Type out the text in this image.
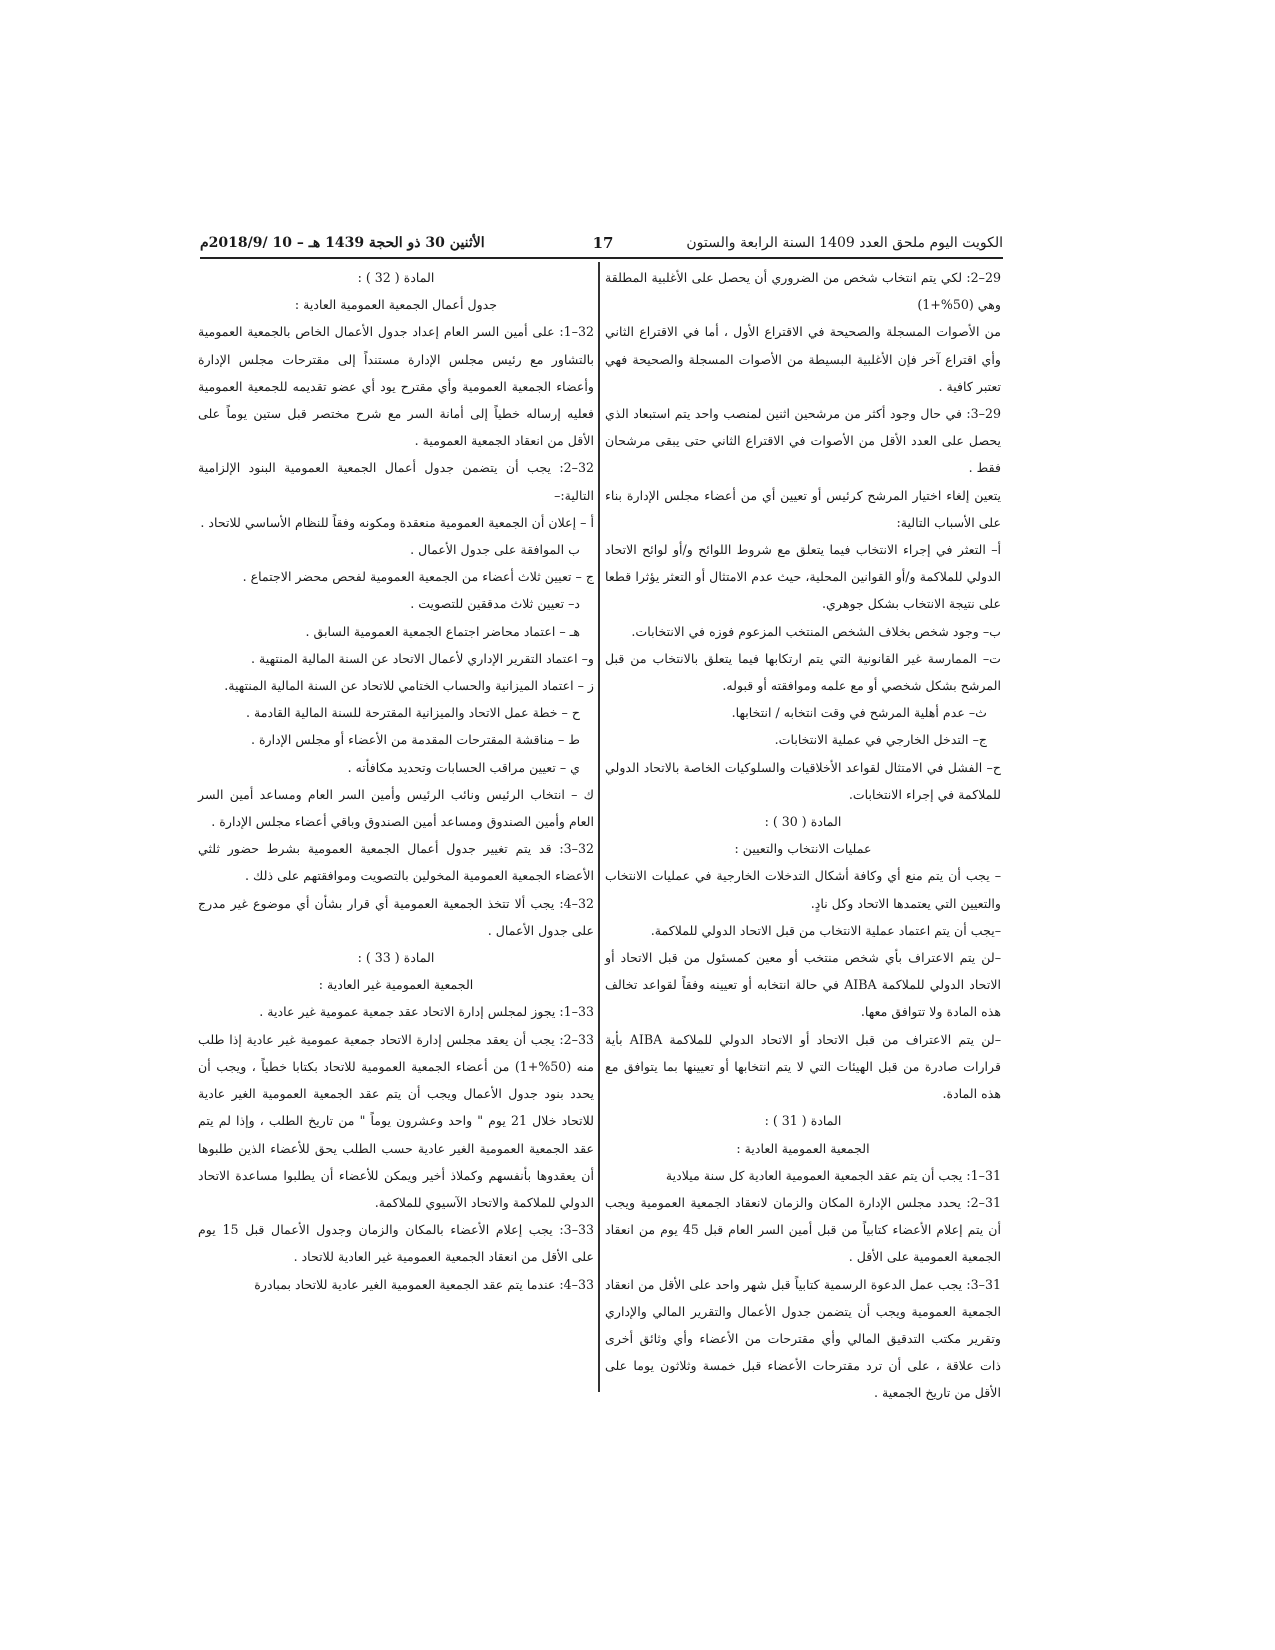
الأثنين 30 ذو الحجة 1439 هـ – 10 /2018/9م	17	الكويت اليوم ملحق العدد 1409 السنة الرابعة والستون

29–2: لكي يتم انتخاب شخص من الضروري أن يحصل على الأغلبية المطلقة وهي (50%+1)

من الأصوات المسجلة والصحيحة في الاقتراع الأول ، أما في الاقتراع الثاني وأي اقتراع آخر فإن الأغلبية البسيطة من الأصوات المسجلة والصحيحة فهي تعتبر كافية .

29–3: في حال وجود أكثر من مرشحين اثنين لمنصب واحد يتم استبعاد الذي يحصل على العدد الأقل من الأصوات في الاقتراع الثاني حتى يبقى مرشحان فقط .

يتعين إلغاء اختيار المرشح كرئيس أو تعيين أي من أعضاء مجلس الإدارة بناء على الأسباب التالية:

أ– التعثر في إجراء الانتخاب فيما يتعلق مع شروط اللوائح و/أو لوائح الاتحاد الدولي للملاكمة و/أو القوانين المحلية، حيث عدم الامتثال أو التعثر يؤثرا قطعا على نتيجة الانتخاب بشكل جوهري.

ب– وجود شخص بخلاف الشخص المنتخب المزعوم فوزه في الانتخابات.

ت– الممارسة غير القانونية التي يتم ارتكابها فيما يتعلق بالانتخاب من قبل المرشح بشكل شخصي أو مع علمه وموافقته أو قبوله.

ث– عدم أهلية المرشح في وقت انتخابه / انتخابها.

ج– التدخل الخارجي في عملية الانتخابات.

ح– الفشل في الامتثال لقواعد الأخلاقيات والسلوكيات الخاصة بالاتحاد الدولي للملاكمة في إجراء الانتخابات.

المادة ( 30 ) :

عمليات الانتخاب والتعيين :

– يجب أن يتم منع أي وكافة أشكال التدخلات الخارجية في عمليات الانتخاب والتعيين التي يعتمدها الاتحاد وكل نادٍ.

–يجب أن يتم اعتماد عملية الانتخاب من قبل الاتحاد الدولي للملاكمة.

–لن يتم الاعتراف بأي شخص منتخب أو معين كمسئول من قبل الاتحاد أو الاتحاد الدولي للملاكمة AIBA في حالة انتخابه أو تعيينه وفقاً لقواعد تخالف هذه المادة ولا تتوافق معها.

–لن يتم الاعتراف من قبل الاتحاد أو الاتحاد الدولي للملاكمة AIBA بأية قرارات صادرة من قبل الهيئات التي لا يتم انتخابها أو تعيينها بما يتوافق مع هذه المادة.

المادة ( 31 ) :

الجمعية العمومية العادية :

31–1: يجب أن يتم عقد الجمعية العمومية العادية كل سنة ميلادية

31–2: يحدد مجلس الإدارة المكان والزمان لانعقاد الجمعية العمومية ويجب أن يتم إعلام الأعضاء كتابياً من قبل أمين السر العام قبل 45 يوم من انعقاد الجمعية العمومية على الأقل .

31–3: يجب عمل الدعوة الرسمية كتابياً قبل شهر واحد على الأقل من انعقاد الجمعية العمومية ويجب أن يتضمن جدول الأعمال والتقرير المالي والإداري وتقرير مكتب التدقيق المالي وأي مقترحات من الأعضاء وأي وثائق أخرى ذات علاقة ، على أن ترد مقترحات الأعضاء قبل خمسة وثلاثون يوما على الأقل من تاريخ الجمعية .

المادة ( 32 ) :

جدول أعمال الجمعية العمومية العادية :

32–1: على أمين السر العام إعداد جدول الأعمال الخاص بالجمعية العمومية بالتشاور مع رئيس مجلس الإدارة مستنداً إلى مقترحات مجلس الإدارة وأعضاء الجمعية العمومية وأي مقترح يود أي عضو تقديمه للجمعية العمومية فعليه إرساله خطياً إلى أمانة السر مع شرح مختصر قبل ستين يوماً على الأقل من انعقاد الجمعية العمومية .

32–2: يجب أن يتضمن جدول أعمال الجمعية العمومية البنود الإلزامية التالية:–

أ – إعلان أن الجمعية العمومية منعقدة ومكونه وفقاً للنظام الأساسي للاتحاد .

ب الموافقة على جدول الأعمال .

ج – تعيين ثلاث أعضاء من الجمعية العمومية لفحص محضر الاجتماع .

د– تعيين ثلاث مدققين للتصويت .

هـ – اعتماد محاضر اجتماع الجمعية العمومية السابق .

و– اعتماد التقرير الإداري لأعمال الاتحاد عن السنة المالية المنتهية .

ز – اعتماد الميزانية والحساب الختامي للاتحاد عن السنة المالية المنتهية.

ح – خطة عمل الاتحاد والميزانية المقترحة للسنة المالية القادمة .

ط – مناقشة المقترحات المقدمة من الأعضاء أو مجلس الإدارة .

ي – تعيين مراقب الحسابات وتحديد مكافأته .

ك – انتخاب الرئيس ونائب الرئيس وأمين السر العام ومساعد أمين السر العام وأمين الصندوق ومساعد أمين الصندوق وباقي أعضاء مجلس الإدارة .

32–3: قد يتم تغيير جدول أعمال الجمعية العمومية بشرط حضور ثلثي الأعضاء الجمعية العمومية المخولين بالتصويت وموافقتهم على ذلك .

32–4: يجب ألا تتخذ الجمعية العمومية أي قرار بشأن أي موضوع غير مدرج على جدول الأعمال .

المادة ( 33 ) :

الجمعية العمومية غير العادية :

33–1: يجوز لمجلس إدارة الاتحاد عقد جمعية عمومية غير عادية .

33–2: يجب أن يعقد مجلس إدارة الاتحاد جمعية عمومية غير عادية إذا طلب منه (50%+1) من أعضاء الجمعية العمومية للاتحاد بكتابا خطياً ، ويجب أن يحدد بنود جدول الأعمال ويجب أن يتم عقد الجمعية العمومية الغير عادية للاتحاد خلال 21 يوم " واحد وعشرون يوماً " من تاريخ الطلب ، وإذا لم يتم عقد الجمعية العمومية الغير عادية حسب الطلب يحق للأعضاء الذين طلبوها أن يعقدوها بأنفسهم وكملاذ أخير ويمكن للأعضاء أن يطلبوا مساعدة الاتحاد الدولي للملاكمة والاتحاد الآسيوي للملاكمة.

33–3: يجب إعلام الأعضاء بالمكان والزمان وجدول الأعمال قبل 15 يوم على الأقل من انعقاد الجمعية العمومية غير العادية للاتحاد .

33–4: عندما يتم عقد الجمعية العمومية الغير عادية للاتحاد بمبادرة
